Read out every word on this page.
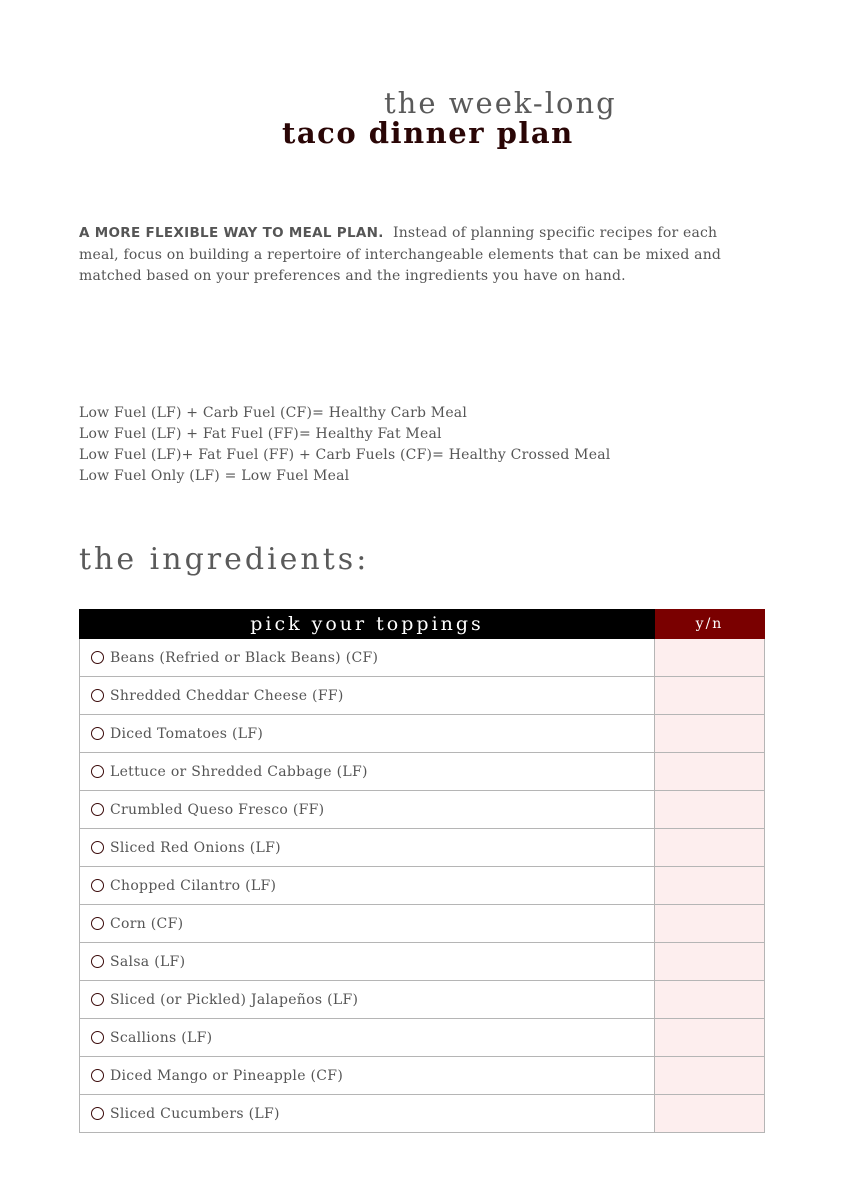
the week-long
taco dinner plan

A MORE FLEXIBLE WAY TO MEAL PLAN. Instead of planning specific recipes for each meal, focus on building a repertoire of interchangeable elements that can be mixed and matched based on your preferences and the ingredients you have on hand.

Low Fuel (LF) + Carb Fuel (CF)= Healthy Carb Meal
Low Fuel (LF) + Fat Fuel (FF)= Healthy Fat Meal
Low Fuel (LF)+ Fat Fuel (FF) + Carb Fuels (CF)= Healthy Crossed Meal
Low Fuel Only (LF) = Low Fuel Meal
the ingredients:
pick your toppings	y/n
Beans (Refried or Black Beans) (CF)	
Shredded Cheddar Cheese (FF)	
Diced Tomatoes (LF)	
Lettuce or Shredded Cabbage (LF)	
Crumbled Queso Fresco (FF)	
Sliced Red Onions (LF)	
Chopped Cilantro (LF)	
Corn (CF)	
Salsa (LF)	
Sliced (or Pickled) Jalapeños (LF)	
Scallions (LF)	
Diced Mango or Pineapple (CF)	
Sliced Cucumbers (LF)	
